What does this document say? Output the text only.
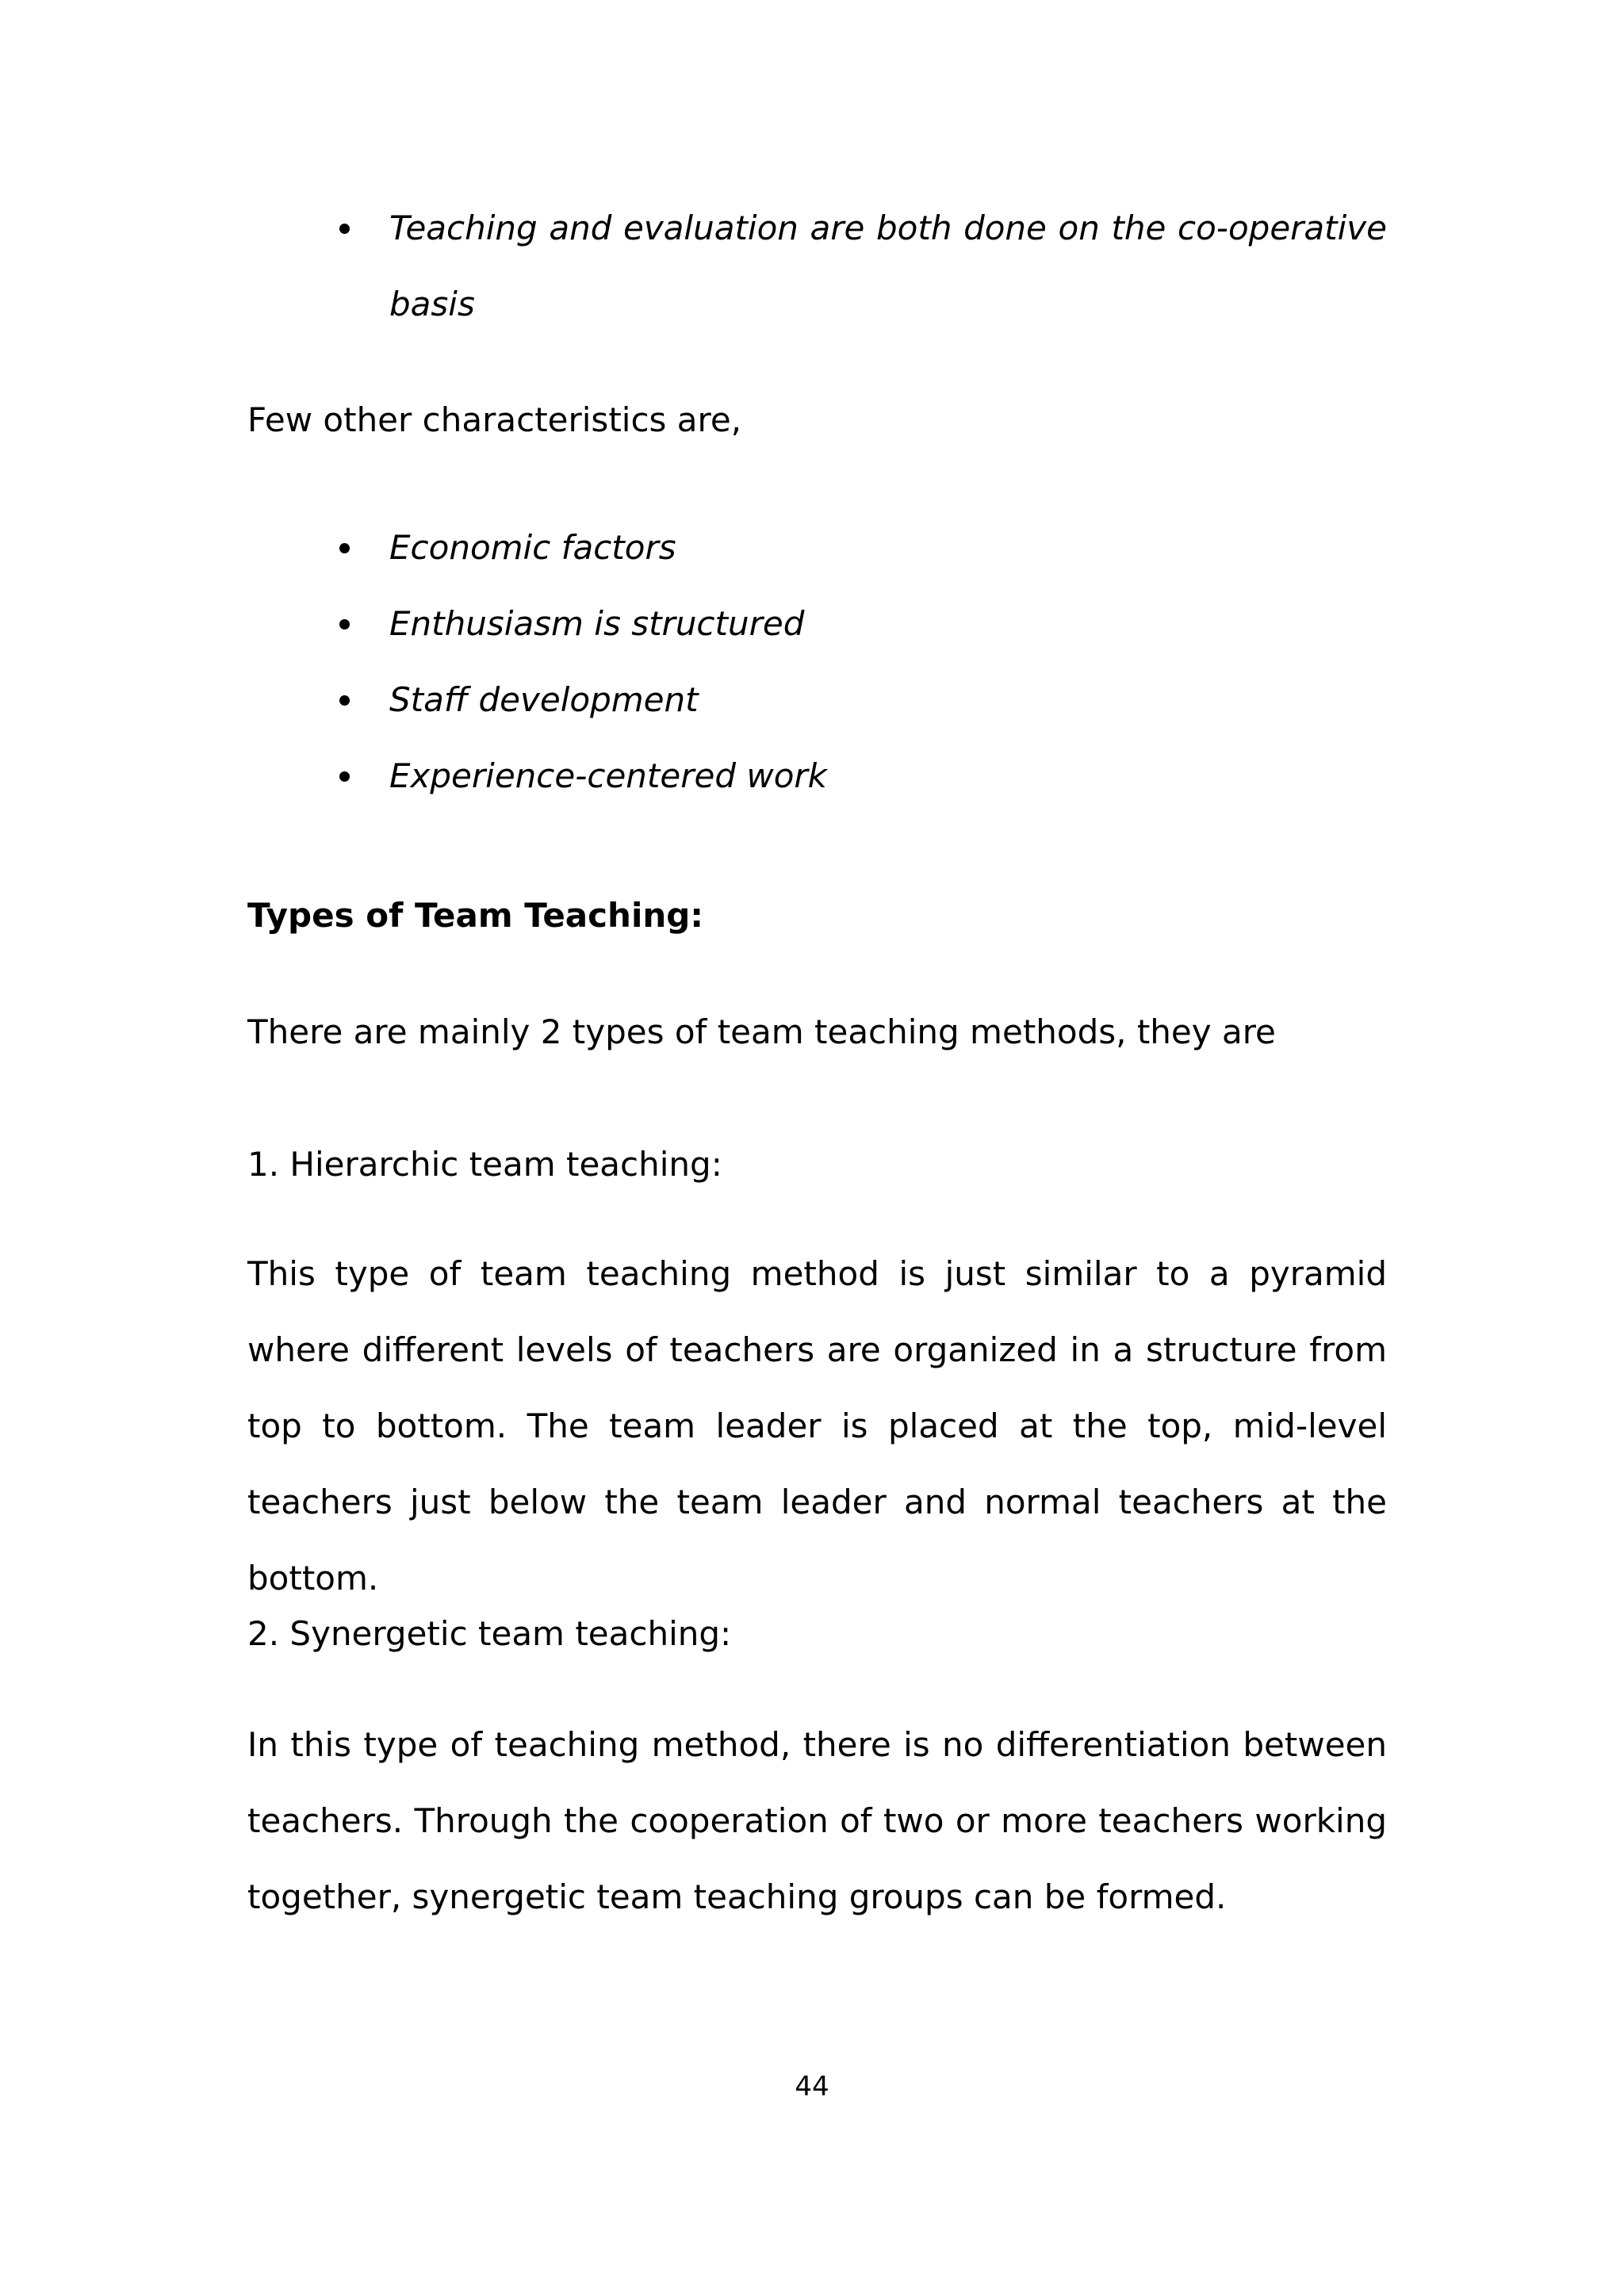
Teaching and evaluation are both done on the co-operative basis

Few other characteristics are,

Economic factors
Enthusiasm is structured
Staff development
Experience-centered work

Types of Team Teaching:

There are mainly 2 types of team teaching methods, they are

1. Hierarchic team teaching:

This type of team teaching method is just similar to a pyramid where different levels of teachers are organized in a structure from top to bottom. The team leader is placed at the top, mid-level teachers just below the team leader and normal teachers at the bottom.

2. Synergetic team teaching:

In this type of teaching method, there is no differentiation between teachers. Through the cooperation of two or more teachers working together, synergetic team teaching groups can be formed.

44
